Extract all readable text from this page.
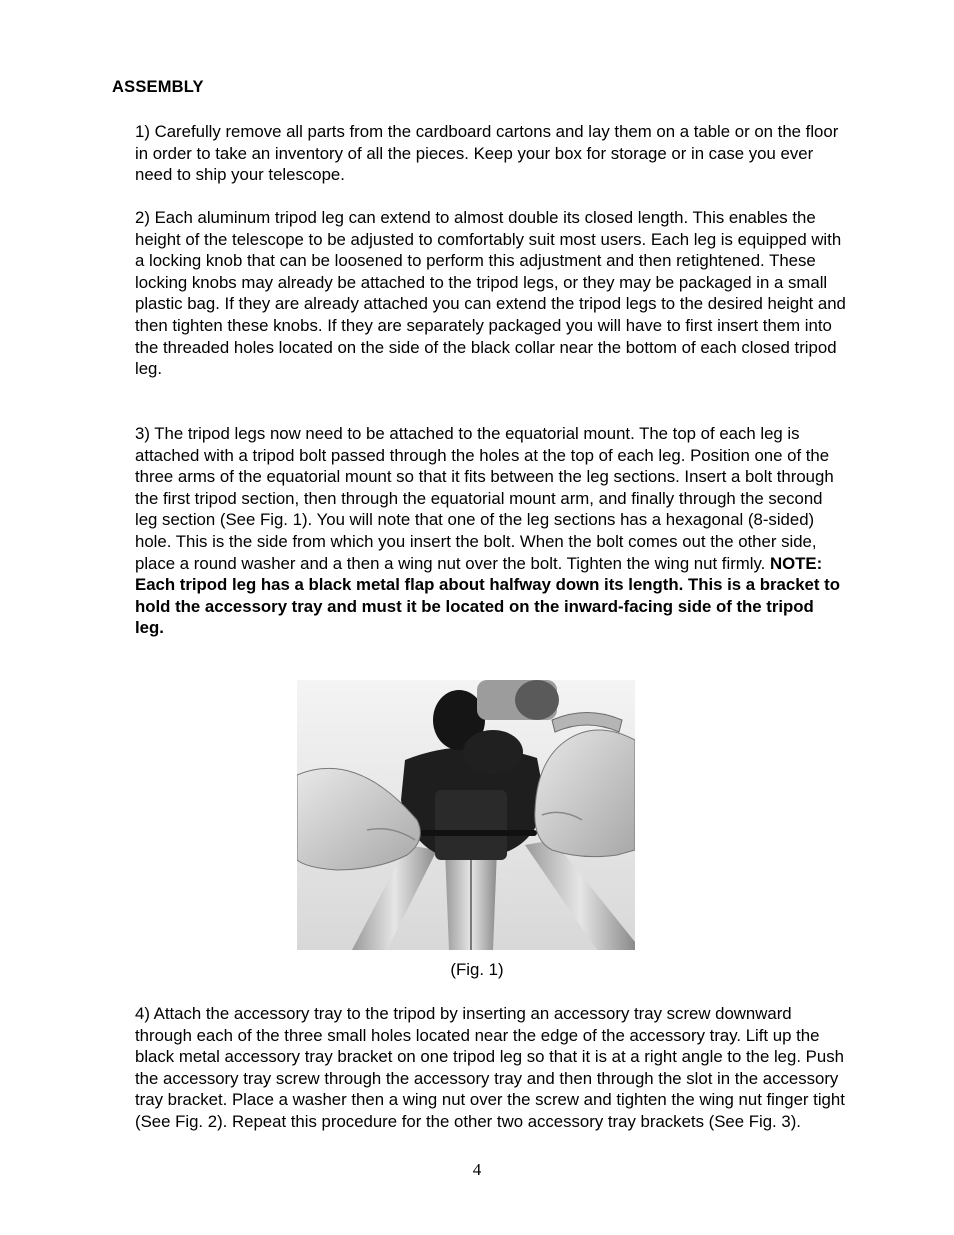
ASSEMBLY
1) Carefully remove all parts from the cardboard cartons and lay them on a table or on the floor in order to take an inventory of all the pieces. Keep your box for storage or in case you ever need to ship your telescope.
2) Each aluminum tripod leg can extend to almost double its closed length. This enables the height of the telescope to be adjusted to comfortably suit most users. Each leg is equipped with a locking knob that can be loosened to perform this adjustment and then retightened. These locking knobs may already be attached to the tripod legs, or they may be packaged in a small plastic bag. If they are already attached you can extend the tripod legs to the desired height and then tighten these knobs. If they are separately packaged you will have to first insert them into the threaded holes located on the side of the black collar near the bottom of each closed tripod leg.
3) The tripod legs now need to be attached to the equatorial mount. The top of each leg is attached with a tripod bolt passed through the holes at the top of each leg. Position one of the three arms of the equatorial mount so that it fits between the leg sections. Insert a bolt through the first tripod section, then through the equatorial mount arm, and finally through the second leg section (See Fig. 1). You will note that one of the leg sections has a hexagonal (8-sided) hole. This is the side from which you insert the bolt. When the bolt comes out the other side, place a round washer and a then a wing nut over the bolt. Tighten the wing nut firmly. NOTE: Each tripod leg has a black metal flap about halfway down its length. This is a bracket to hold the accessory tray and must it be located on the inward-facing side of the tripod leg.
(Fig. 1)
4) Attach the accessory tray to the tripod by inserting an accessory tray screw downward through each of the three small holes located near the edge of the accessory tray. Lift up the black metal accessory tray bracket on one tripod leg so that it is at a right angle to the leg. Push the accessory tray screw through the accessory tray and then through the slot in the accessory tray bracket. Place a washer then a wing nut over the screw and tighten the wing nut finger tight (See Fig. 2). Repeat this procedure for the other two accessory tray brackets (See Fig. 3).
4
